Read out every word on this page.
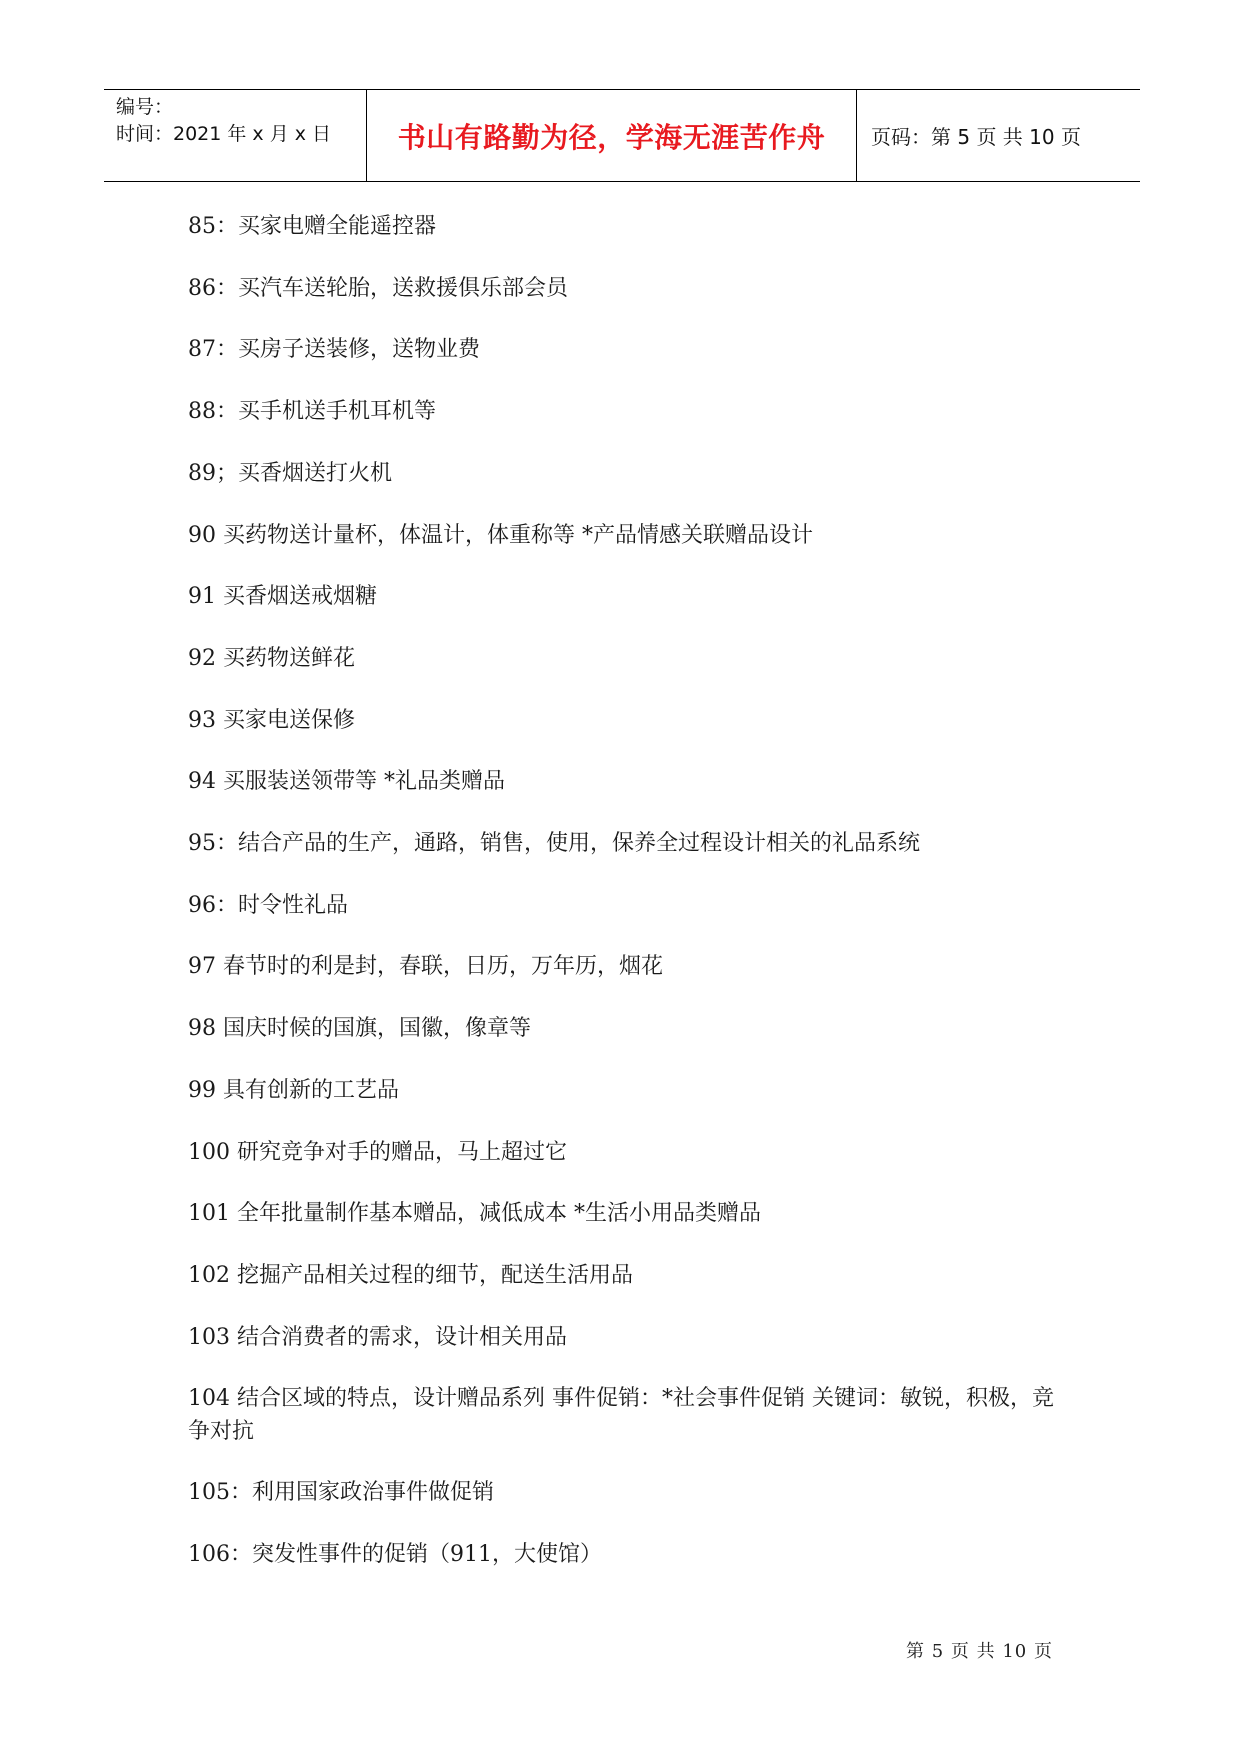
编号：
时间：2021 年 x 月 x 日	书山有路勤为径，学海无涯苦作舟 页码：第 5 页 共 10 页

85：买家电赠全能遥控器

86：买汽车送轮胎，送救援俱乐部会员

87：买房子送装修，送物业费

88：买手机送手机耳机等

89；买香烟送打火机

90 买药物送计量杯，体温计，体重称等 *产品情感关联赠品设计

91 买香烟送戒烟糖

92 买药物送鲜花

93 买家电送保修

94 买服装送领带等 *礼品类赠品

95：结合产品的生产，通路，销售，使用，保养全过程设计相关的礼品系统

96：时令性礼品

97 春节时的利是封，春联，日历，万年历，烟花

98 国庆时候的国旗，国徽，像章等

99 具有创新的工艺品

100 研究竞争对手的赠品，马上超过它

101 全年批量制作基本赠品，减低成本 *生活小用品类赠品

102 挖掘产品相关过程的细节，配送生活用品

103 结合消费者的需求，设计相关用品

104 结合区域的特点，设计赠品系列 事件促销：*社会事件促销 关键词：敏锐，积极，竞争对抗

105：利用国家政治事件做促销

106：突发性事件的促销（911，大使馆）

第 5 页 共 10 页
